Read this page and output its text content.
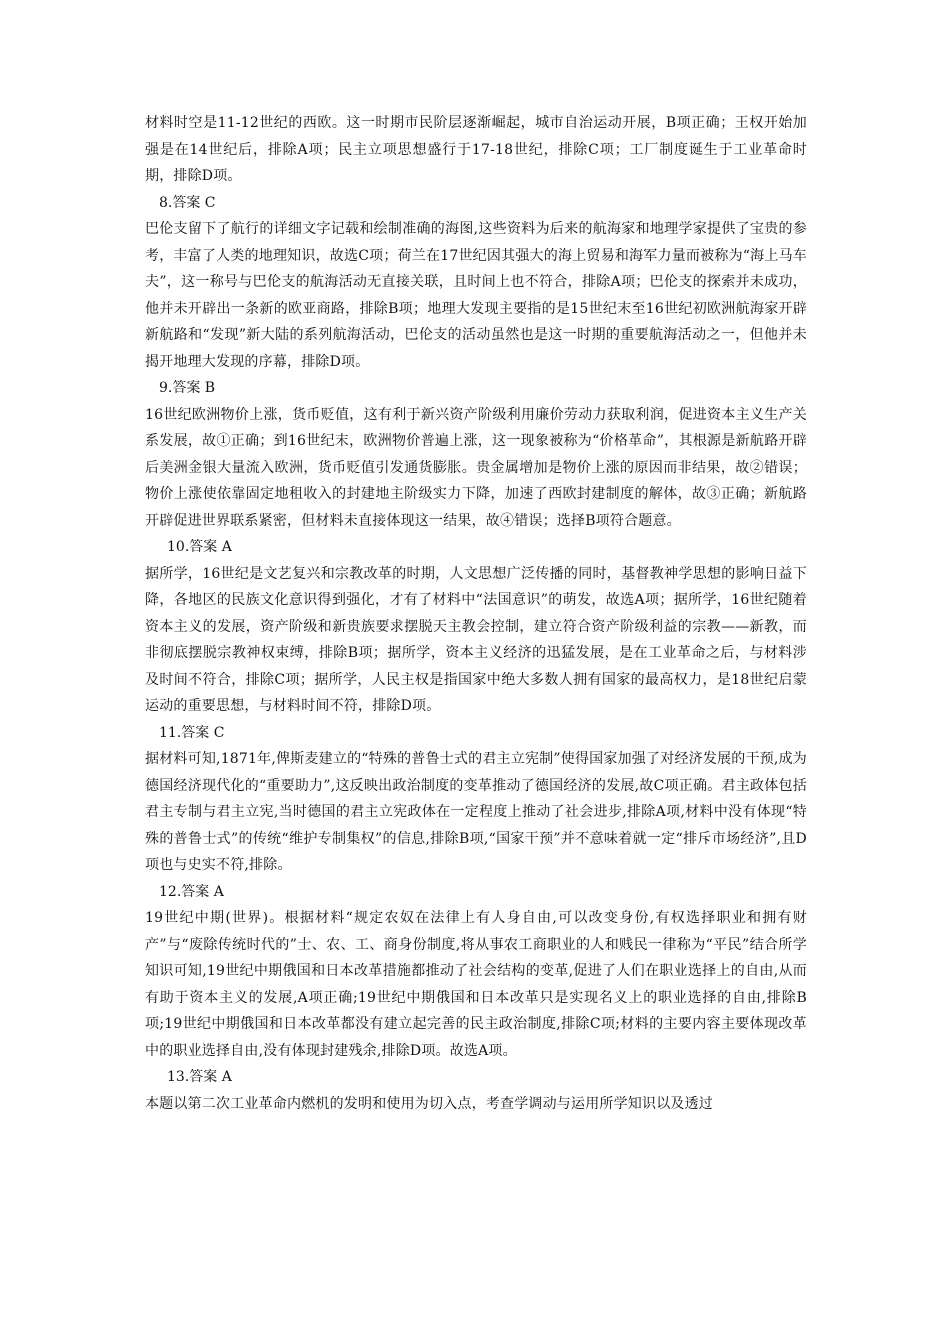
材料时空是11-12世纪的西欧。这一时期市民阶层逐渐崛起，城市自治运动开展，B项正确；王权开始加强是在14世纪后，排除A项；民主立项思想盛行于17-18世纪，排除C项；工厂制度诞生于工业革命时期，排除D项。

8.答案 C

巴伦支留下了航行的详细文字记载和绘制准确的海图,这些资料为后来的航海家和地理学家提供了宝贵的参考，丰富了人类的地理知识，故选C项；荷兰在17世纪因其强大的海上贸易和海军力量而被称为“海上马车夫”，这一称号与巴伦支的航海活动无直接关联，且时间上也不符合，排除A项；巴伦支的探索并未成功，他并未开辟出一条新的欧亚商路，排除B项；地理大发现主要指的是15世纪末至16世纪初欧洲航海家开辟新航路和“发现”新大陆的系列航海活动，巴伦支的活动虽然也是这一时期的重要航海活动之一，但他并未揭开地理大发现的序幕，排除D项。

9.答案 B

16世纪欧洲物价上涨，货币贬值，这有利于新兴资产阶级利用廉价劳动力获取利润，促进资本主义生产关系发展，故①正确；到16世纪末，欧洲物价普遍上涨，这一现象被称为“价格革命”，其根源是新航路开辟后美洲金银大量流入欧洲，货币贬值引发通货膨胀。贵金属增加是物价上涨的原因而非结果，故②错误；物价上涨使依靠固定地租收入的封建地主阶级实力下降，加速了西欧封建制度的解体，故③正确；新航路开辟促进世界联系紧密，但材料未直接体现这一结果，故④错误；选择B项符合题意。

10.答案 A

据所学，16世纪是文艺复兴和宗教改革的时期，人文思想广泛传播的同时，基督教神学思想的影响日益下降，各地区的民族文化意识得到强化，才有了材料中“法国意识”的萌发，故选A项；据所学，16世纪随着资本主义的发展，资产阶级和新贵族要求摆脱天主教会控制，建立符合资产阶级利益的宗教——新教，而非彻底摆脱宗教神权束缚，排除B项；据所学，资本主义经济的迅猛发展，是在工业革命之后，与材料涉及时间不符合，排除C项；据所学，人民主权是指国家中绝大多数人拥有国家的最高权力，是18世纪启蒙运动的重要思想，与材料时间不符，排除D项。

11.答案 C

据材料可知,1871年,俾斯麦建立的“特殊的普鲁士式的君主立宪制”使得国家加强了对经济发展的干预,成为德国经济现代化的“重要助力”,这反映出政治制度的变革推动了德国经济的发展,故C项正确。君主政体包括君主专制与君主立宪,当时德国的君主立宪政体在一定程度上推动了社会进步,排除A项,材料中没有体现“特殊的普鲁士式”的传统“维护专制集权”的信息,排除B项,“国家干预”并不意味着就一定“排斥市场经济”,且D项也与史实不符,排除。

12.答案 A

19世纪中期(世界)。根据材料“规定农奴在法律上有人身自由,可以改变身份,有权选择职业和拥有财产”与“废除传统时代的”士、农、工、商身份制度,将从事农工商职业的人和贱民一律称为“平民”结合所学知识可知,19世纪中期俄国和日本改革措施都推动了社会结构的变革,促进了人们在职业选择上的自由,从而有助于资本主义的发展,A项正确;19世纪中期俄国和日本改革只是实现名义上的职业选择的自由,排除B项;19世纪中期俄国和日本改革都没有建立起完善的民主政治制度,排除C项;材料的主要内容主要体现改革中的职业选择自由,没有体现封建残余,排除D项。故选A项。

13.答案 A

本题以第二次工业革命内燃机的发明和使用为切入点，考查学调动与运用所学知识以及透过
